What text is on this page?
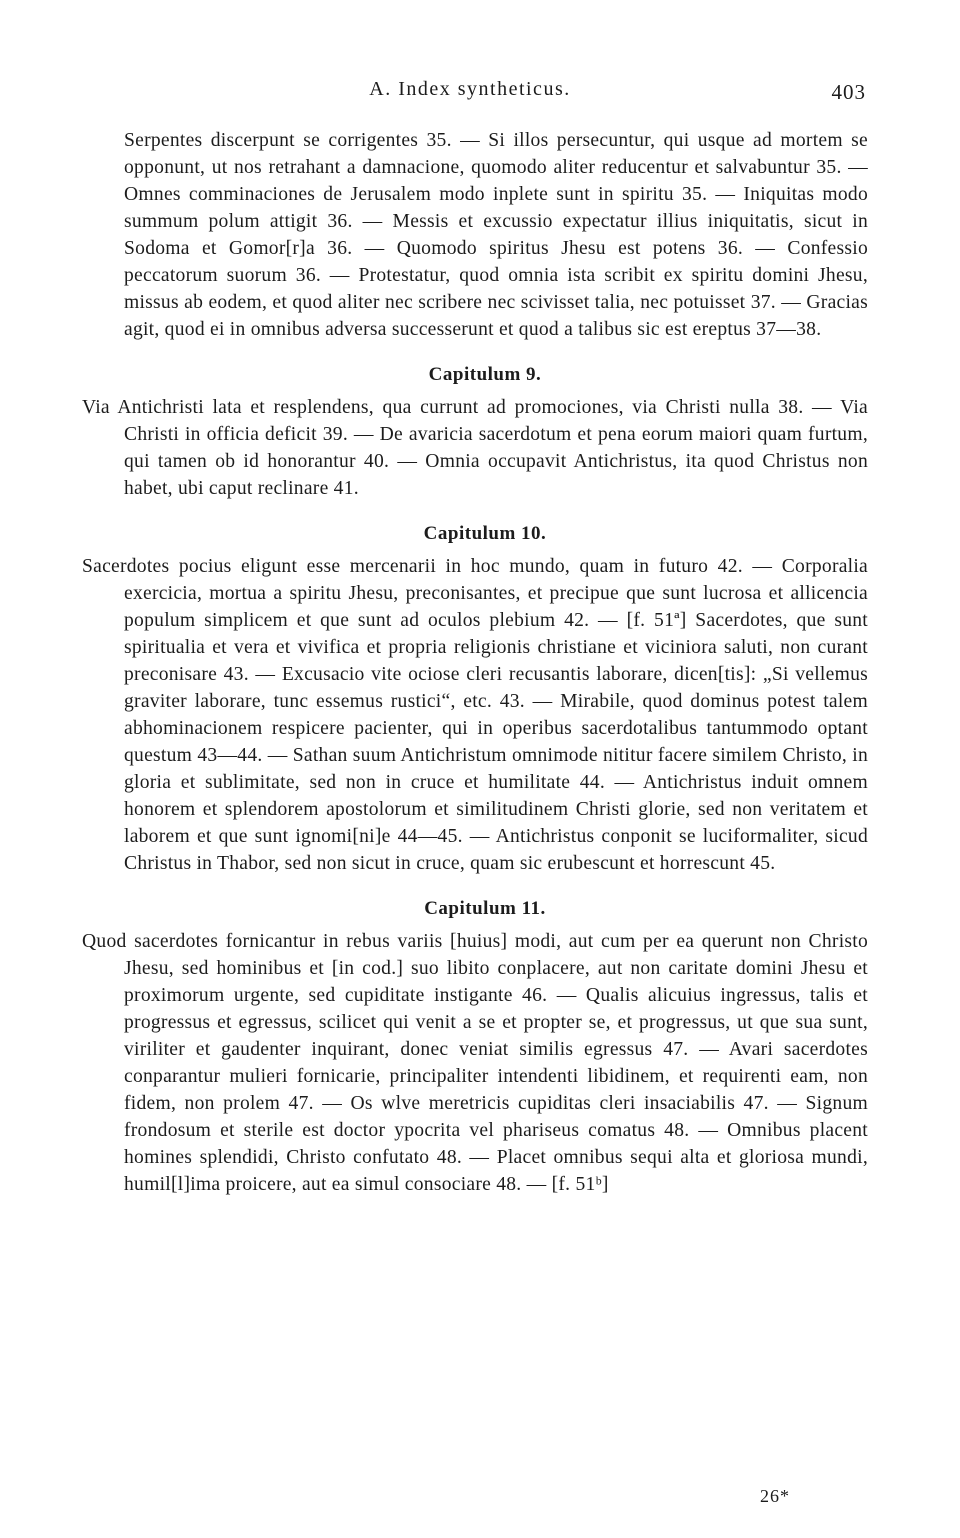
A. Index syntheticus.	403

Serpentes discerpunt se corrigentes 35. — Si illos persecuntur, qui usque ad mortem se opponunt, ut nos retrahant a damnacione, quomodo aliter reducentur et salvabuntur 35. — Omnes comminaciones de Jerusalem modo inplete sunt in spiritu 35. — Iniquitas modo summum polum attigit 36. — Messis et excussio expectatur illius iniquitatis, sicut in Sodoma et Gomor[r]a 36. — Quomodo spiritus Jhesu est potens 36. — Confessio peccatorum suorum 36. — Protestatur, quod omnia ista scribit ex spiritu domini Jhesu, missus ab eodem, et quod aliter nec scribere nec scivisset talia, nec potuisset 37. — Gracias agit, quod ei in omnibus adversa successerunt et quod a talibus sic est ereptus 37—38.

Capitulum 9.

Via Antichristi lata et resplendens, qua currunt ad promociones, via Christi nulla 38. — Via Christi in officia deficit 39. — De avaricia sacerdotum et pena eorum maiori quam furtum, qui tamen ob id honorantur 40. — Omnia occupavit Antichristus, ita quod Christus non habet, ubi caput reclinare 41.

Capitulum 10.

Sacerdotes pocius eligunt esse mercenarii in hoc mundo, quam in futuro 42. — Corporalia exercicia, mortua a spiritu Jhesu, preconisantes, et precipue que sunt lucrosa et allicencia populum simplicem et que sunt ad oculos plebium 42. — [f. 51ª] Sacerdotes, que sunt spiritualia et vera et vivifica et propria religionis christiane et viciniora saluti, non curant preconisare 43. — Excusacio vite ociose cleri recusantis laborare, dicen[tis]: „Si vellemus graviter laborare, tunc essemus rustici“, etc. 43. — Mirabile, quod dominus potest talem abhominacionem respicere pacienter, qui in operibus sacerdotalibus tantummodo optant questum 43—44. — Sathan suum Antichristum omnimode nititur facere similem Christo, in gloria et sublimitate, sed non in cruce et humilitate 44. — Antichristus induit omnem honorem et splendorem apostolorum et similitudinem Christi glorie, sed non veritatem et laborem et que sunt ignomi[ni]e 44—45. — Antichristus conponit se luciformaliter, sicud Christus in Thabor, sed non sicut in cruce, quam sic erubescunt et horrescunt 45.

Capitulum 11.

Quod sacerdotes fornicantur in rebus variis [huius] modi, aut cum per ea querunt non Christo Jhesu, sed hominibus et [in cod.] suo libito conplacere, aut non caritate domini Jhesu et proximorum urgente, sed cupiditate instigante 46. — Qualis alicuius ingressus, talis et progressus et egressus, scilicet qui venit a se et propter se, et progressus, ut que sua sunt, viriliter et gaudenter inquirant, donec veniat similis egressus 47. — Avari sacerdotes conparantur mulieri fornicarie, principaliter intendenti libidinem, et requirenti eam, non fidem, non prolem 47. — Os wlve meretricis cupiditas cleri insaciabilis 47. — Signum frondosum et sterile est doctor ypocrita vel phariseus comatus 48. — Omnibus placent homines splendidi, Christo confutato 48. — Placet omnibus sequi alta et gloriosa mundi, humil[l]ima proicere, aut ea simul consociare 48. — [f. 51ᵇ]

26*
